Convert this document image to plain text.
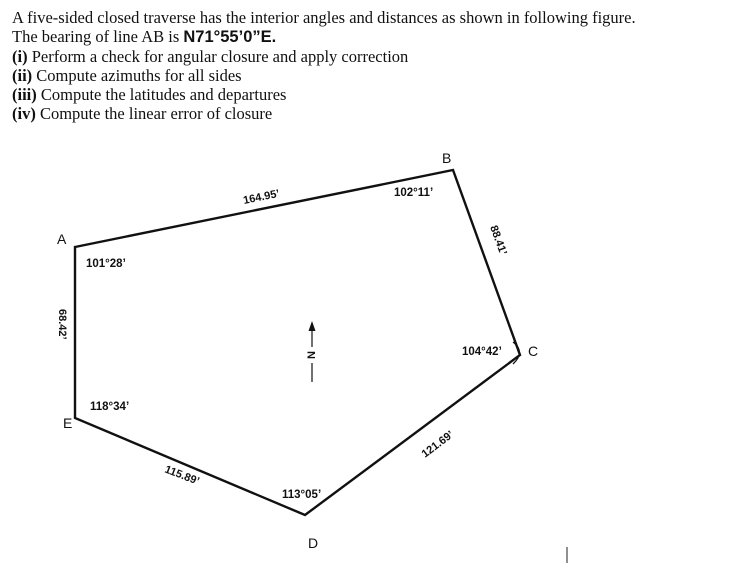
A five-sided closed traverse has the interior angles and distances as shown in following figure.

The bearing of line AB is N71°55’0”E.

(i) Perform a check for angular closure and apply correction

(ii) Compute azimuths for all sides

(iii) Compute the latitudes and departures

(iv) Compute the linear error of closure

A
B
C
D
E
101°28’
102°11’
104°42’
113°05’
118°34’
164.95’
88.41’
121.69’
115.89’
68.42’
N
